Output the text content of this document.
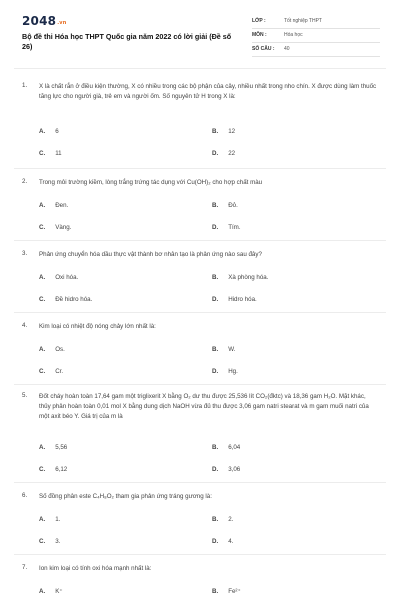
2048.vn
Bộ đề thi Hóa học THPT Quốc gia năm 2022 có lời giải (Đề số 26)
LỚP :	Tốt nghiệp THPT
MÔN :	Hóa học
SỐ CÂU : 40
1. X là chất rắn ở điều kiện thường, X có nhiều trong các bộ phận của cây, nhiều nhất trong nho chín. X được dùng làm thuốc tăng lực cho người già, trẻ em và người ốm. Số nguyên tử H trong X là:
A. 6	B. 12
C. 11	D. 22
2. Trong môi trường kiềm, lòng trắng trứng tác dụng với Cu(OH)₂ cho hợp chất màu
A. Đen.	B. Đỏ.
C. Vàng.	D. Tím.
3. Phản ứng chuyển hóa dầu thực vật thành bơ nhân tạo là phản ứng nào sau đây?
A. Oxi hóa.	B. Xà phòng hóa.
C. Đề hidro hóa.	D. Hidro hóa.
4. Kim loại có nhiệt độ nóng chảy lớn nhất là:
A. Os.	B. W.
C. Cr.	D. Hg.
5. Đốt cháy hoàn toàn 17,64 gam một triglixerit X bằng O₂ dư thu được 25,536 lít CO₂(đktc) và 18,36 gam H₂O. Mặt khác, thủy phân hoàn toàn 0,01 mol X bằng dung dịch NaOH vừa đủ thu được 3,06 gam natri stearat và m gam muối natri của một axit béo Y. Giá trị của m là
A. 5,56	B. 6,04
C. 6,12	D. 3,06
6. Số đồng phân este C₄H₈O₂ tham gia phản ứng tráng gương là:
A. 1.	B. 2.
C. 3.	D. 4.
7. Ion kim loại có tính oxi hóa mạnh nhất là:
A. K⁺	B. Fe²⁺
